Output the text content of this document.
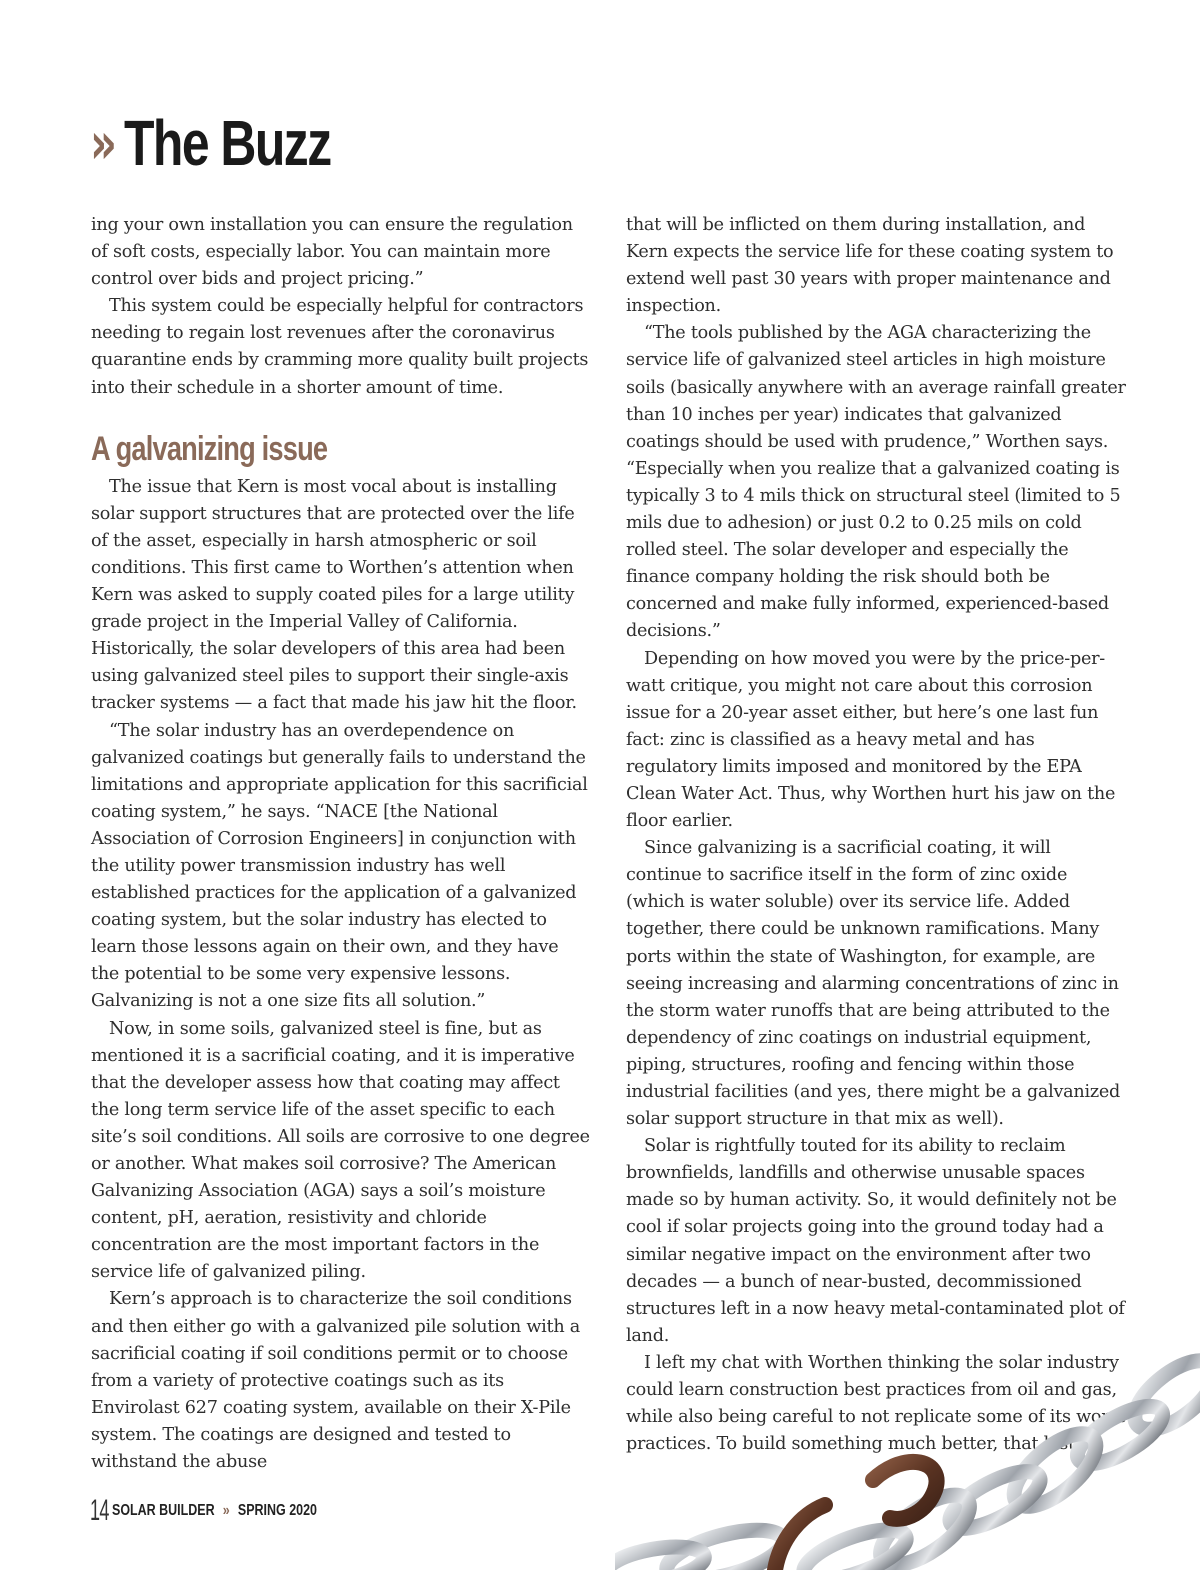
» The Buzz

ing your own installation you can ensure the regulation of soft costs, especially labor. You can maintain more control over bids and project pricing.”

This system could be especially helpful for contractors needing to regain lost revenues after the coronavirus quarantine ends by cramming more quality built projects into their schedule in a shorter amount of time.

A galvanizing issue

The issue that Kern is most vocal about is installing solar support structures that are protected over the life of the asset, especially in harsh atmospheric or soil conditions. This first came to Worthen’s attention when Kern was asked to supply coated piles for a large utility grade project in the Imperial Valley of California. Historically, the solar developers of this area had been using galvanized steel piles to support their single-axis tracker systems — a fact that made his jaw hit the floor.

“The solar industry has an overdependence on galvanized coatings but generally fails to understand the limitations and appropriate application for this sacrificial coating system,” he says. “NACE [the National Association of Corrosion Engineers] in conjunction with the utility power transmission industry has well established practices for the application of a galvanized coating system, but the solar industry has elected to learn those lessons again on their own, and they have the potential to be some very expensive lessons. Galvanizing is not a one size fits all solution.”

Now, in some soils, galvanized steel is fine, but as mentioned it is a sacrificial coating, and it is imperative that the developer assess how that coating may affect the long term service life of the asset specific to each site’s soil conditions. All soils are corrosive to one degree or another. What makes soil corrosive? The American Galvanizing Association (AGA) says a soil’s moisture content, pH, aeration, resistivity and chloride concentration are the most important factors in the service life of galvanized piling.

Kern’s approach is to characterize the soil conditions and then either go with a galvanized pile solution with a sacrificial coating if soil conditions permit or to choose from a variety of protective coatings such as its Envirolast 627 coating system, available on their X-Pile system. The coatings are designed and tested to withstand the abuse

that will be inflicted on them during installation, and Kern expects the service life for these coating system to extend well past 30 years with proper maintenance and inspection.

“The tools published by the AGA characterizing the service life of galvanized steel articles in high moisture soils (basically anywhere with an average rainfall greater than 10 inches per year) indicates that galvanized coatings should be used with prudence,” Worthen says. “Especially when you realize that a galvanized coating is typically 3 to 4 mils thick on structural steel (limited to 5 mils due to adhesion) or just 0.2 to 0.25 mils on cold rolled steel. The solar developer and especially the finance company holding the risk should both be concerned and make fully informed, experienced-based decisions.”

Depending on how moved you were by the price-per-watt critique, you might not care about this corrosion issue for a 20-year asset either, but here’s one last fun fact: zinc is classified as a heavy metal and has regulatory limits imposed and monitored by the EPA Clean Water Act. Thus, why Worthen hurt his jaw on the floor earlier.

Since galvanizing is a sacrificial coating, it will continue to sacrifice itself in the form of zinc oxide (which is water soluble) over its service life. Added together, there could be unknown ramifications. Many ports within the state of Washington, for example, are seeing increasing and alarming concentrations of zinc in the storm water runoffs that are being attributed to the dependency of zinc coatings on industrial equipment, piping, structures, roofing and fencing within those industrial facilities (and yes, there might be a galvanized solar support structure in that mix as well).

Solar is rightfully touted for its ability to reclaim brownfields, landfills and otherwise unusable spaces made so by human activity. So, it would definitely not be cool if solar projects going into the ground today had a similar negative impact on the environment after two decades — a bunch of near-busted, decommissioned structures left in a now heavy metal-contaminated plot of land.

I left my chat with Worthen thinking the solar industry could learn construction best practices from oil and gas, while also being careful to not replicate some of its worst practices. To build something much better, that lasts.

14 SOLAR BUILDER » SPRING 2020
